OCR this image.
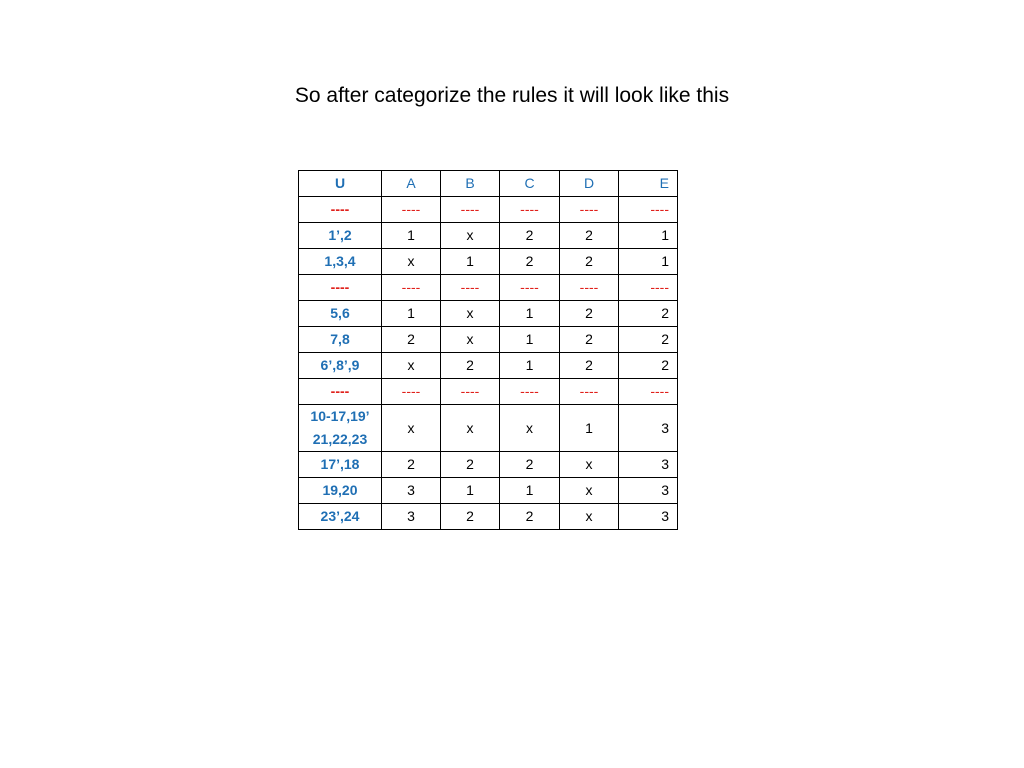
So after categorize the rules it will look like this
U	A	B	C	D	E
----	----	----	----	----	----
1’,2	1	x	2	2	1
1,3,4	x	1	2	2	1
----	----	----	----	----	----
5,6	1	x	1	2	2
7,8	2	x	1	2	2
6’,8’,9	x	2	1	2	2
----	----	----	----	----	----
10-17,19’
21,22,23	x	x	x	1	3
17’,18	2	2	2	x	3
19,20	3	1	1	x	3
23’,24	3	2	2	x	3
